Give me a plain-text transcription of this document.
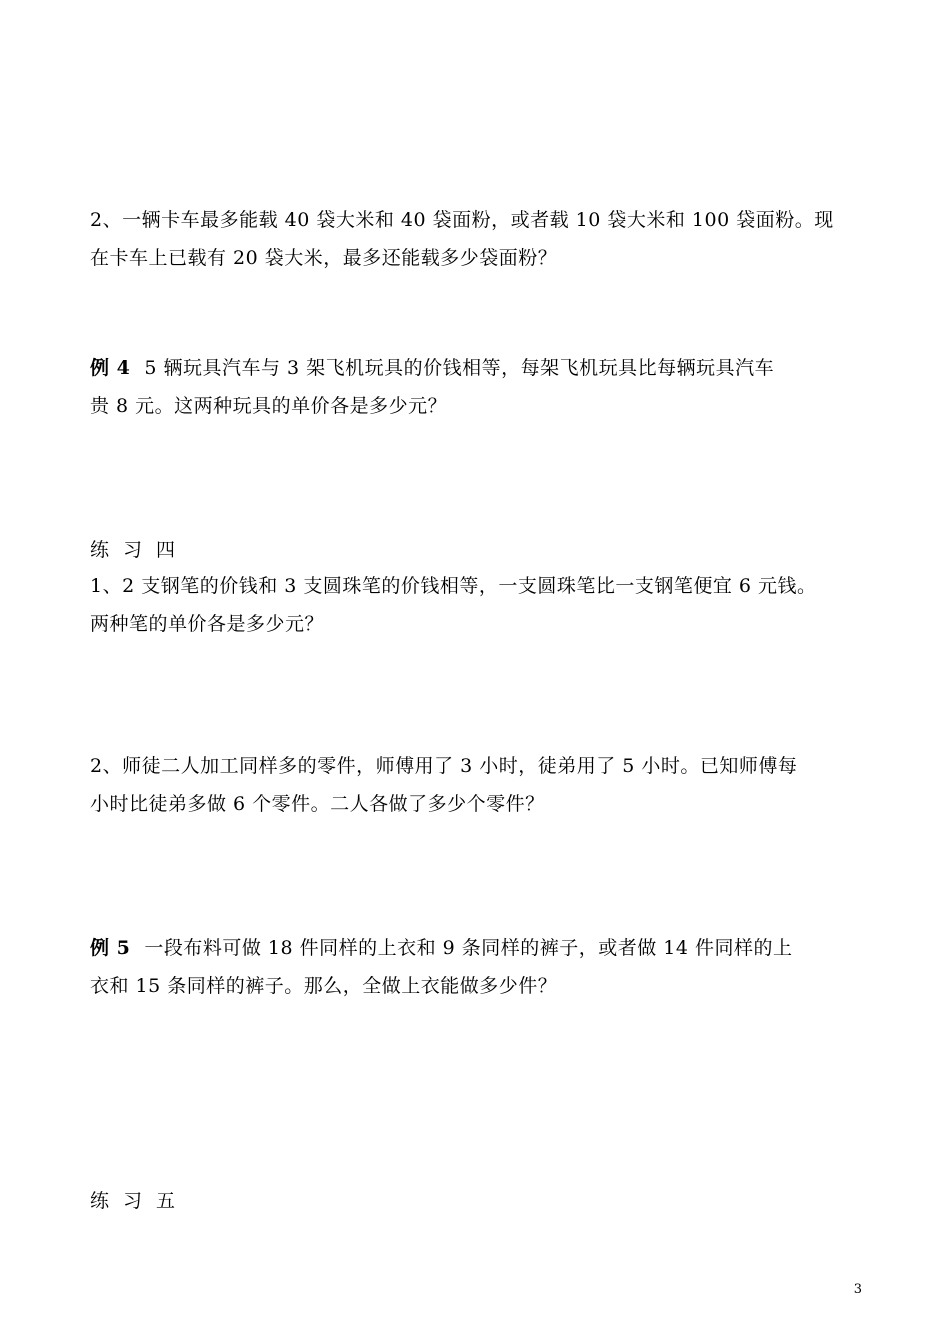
2、一辆卡车最多能载 40 袋大米和 40 袋面粉，或者载 10 袋大米和 100 袋面粉。现
在卡车上已载有 20 袋大米，最多还能载多少袋面粉？
例 4 5 辆玩具汽车与 3 架飞机玩具的价钱相等，每架飞机玩具比每辆玩具汽车
贵 8 元。这两种玩具的单价各是多少元？
练习四
1、2 支钢笔的价钱和 3 支圆珠笔的价钱相等，一支圆珠笔比一支钢笔便宜 6 元钱。
两种笔的单价各是多少元？
2、师徒二人加工同样多的零件，师傅用了 3 小时，徒弟用了 5 小时。已知师傅每
小时比徒弟多做 6 个零件。二人各做了多少个零件？
例 5 一段布料可做 18 件同样的上衣和 9 条同样的裤子，或者做 14 件同样的上
衣和 15 条同样的裤子。那么，全做上衣能做多少件？
练习五
3
